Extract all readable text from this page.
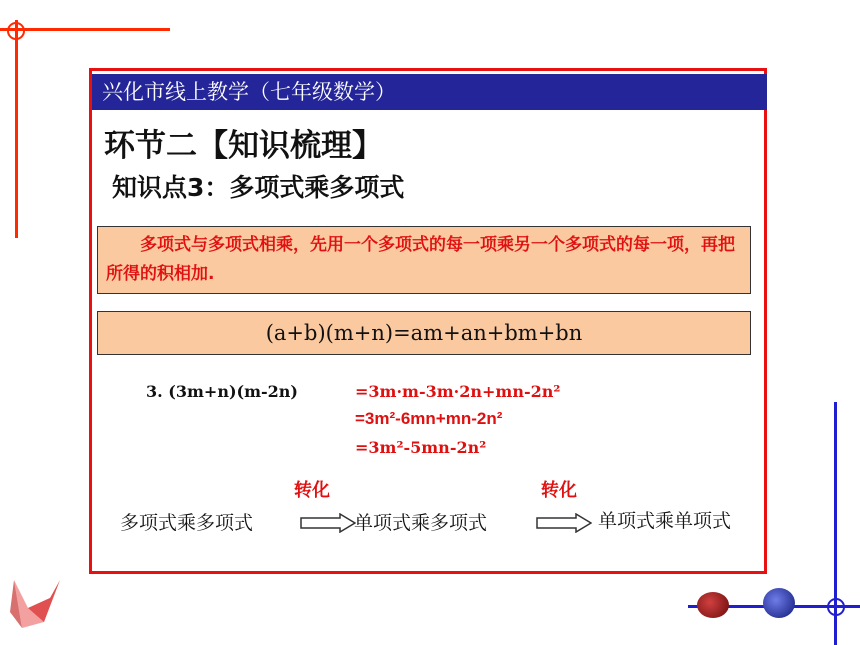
兴化市线上教学（七年级数学）
环节二【知识梳理】
知识点3：多项式乘多项式
　　多项式与多项式相乘，先用一个多项式的每一项乘另一个多项式的每一项，再把所得的积相加.
(a+b)(m+n)=am+an+bm+bn
3. (3m+n)(m-2n)	=3m·m-3m·2n+mn-2n²
=3m²-6mn+mn-2n²
=3m²-5mn-2n²
转化	转化
多项式乘多项式	单项式乘多项式	单项式乘单项式
